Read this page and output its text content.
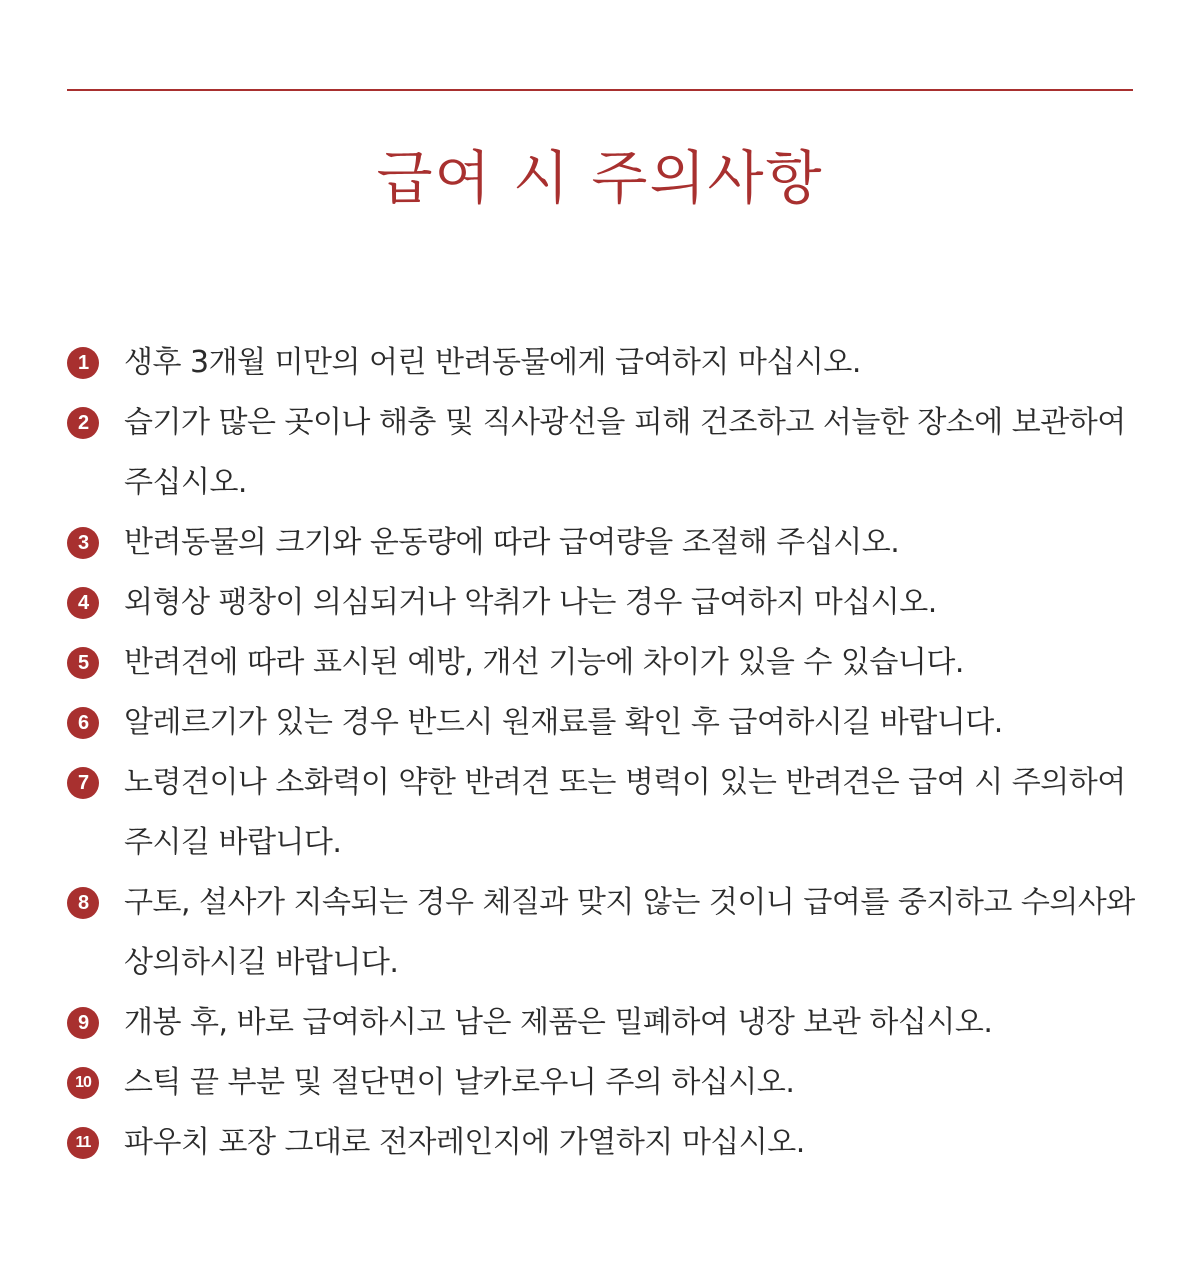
급여 시 주의사항
1	생후 3개월 미만의 어린 반려동물에게 급여하지 마십시오.
2	습기가 많은 곳이나 해충 및 직사광선을 피해 건조하고 서늘한 장소에 보관하여 주십시오.
3	반려동물의 크기와 운동량에 따라 급여량을 조절해 주십시오.
4	외형상 팽창이 의심되거나 악취가 나는 경우 급여하지 마십시오.
5	반려견에 따라 표시된 예방, 개선 기능에 차이가 있을 수 있습니다.
6	알레르기가 있는 경우 반드시 원재료를 확인 후 급여하시길 바랍니다.
7	노령견이나 소화력이 약한 반려견 또는 병력이 있는 반려견은 급여 시 주의하여 주시길 바랍니다.
8	구토, 설사가 지속되는 경우 체질과 맞지 않는 것이니 급여를 중지하고 수의사와 상의하시길 바랍니다.
9	개봉 후, 바로 급여하시고 남은 제품은 밀폐하여 냉장 보관 하십시오.
10 스틱 끝 부분 및 절단면이 날카로우니 주의 하십시오.
11 파우치 포장 그대로 전자레인지에 가열하지 마십시오.
